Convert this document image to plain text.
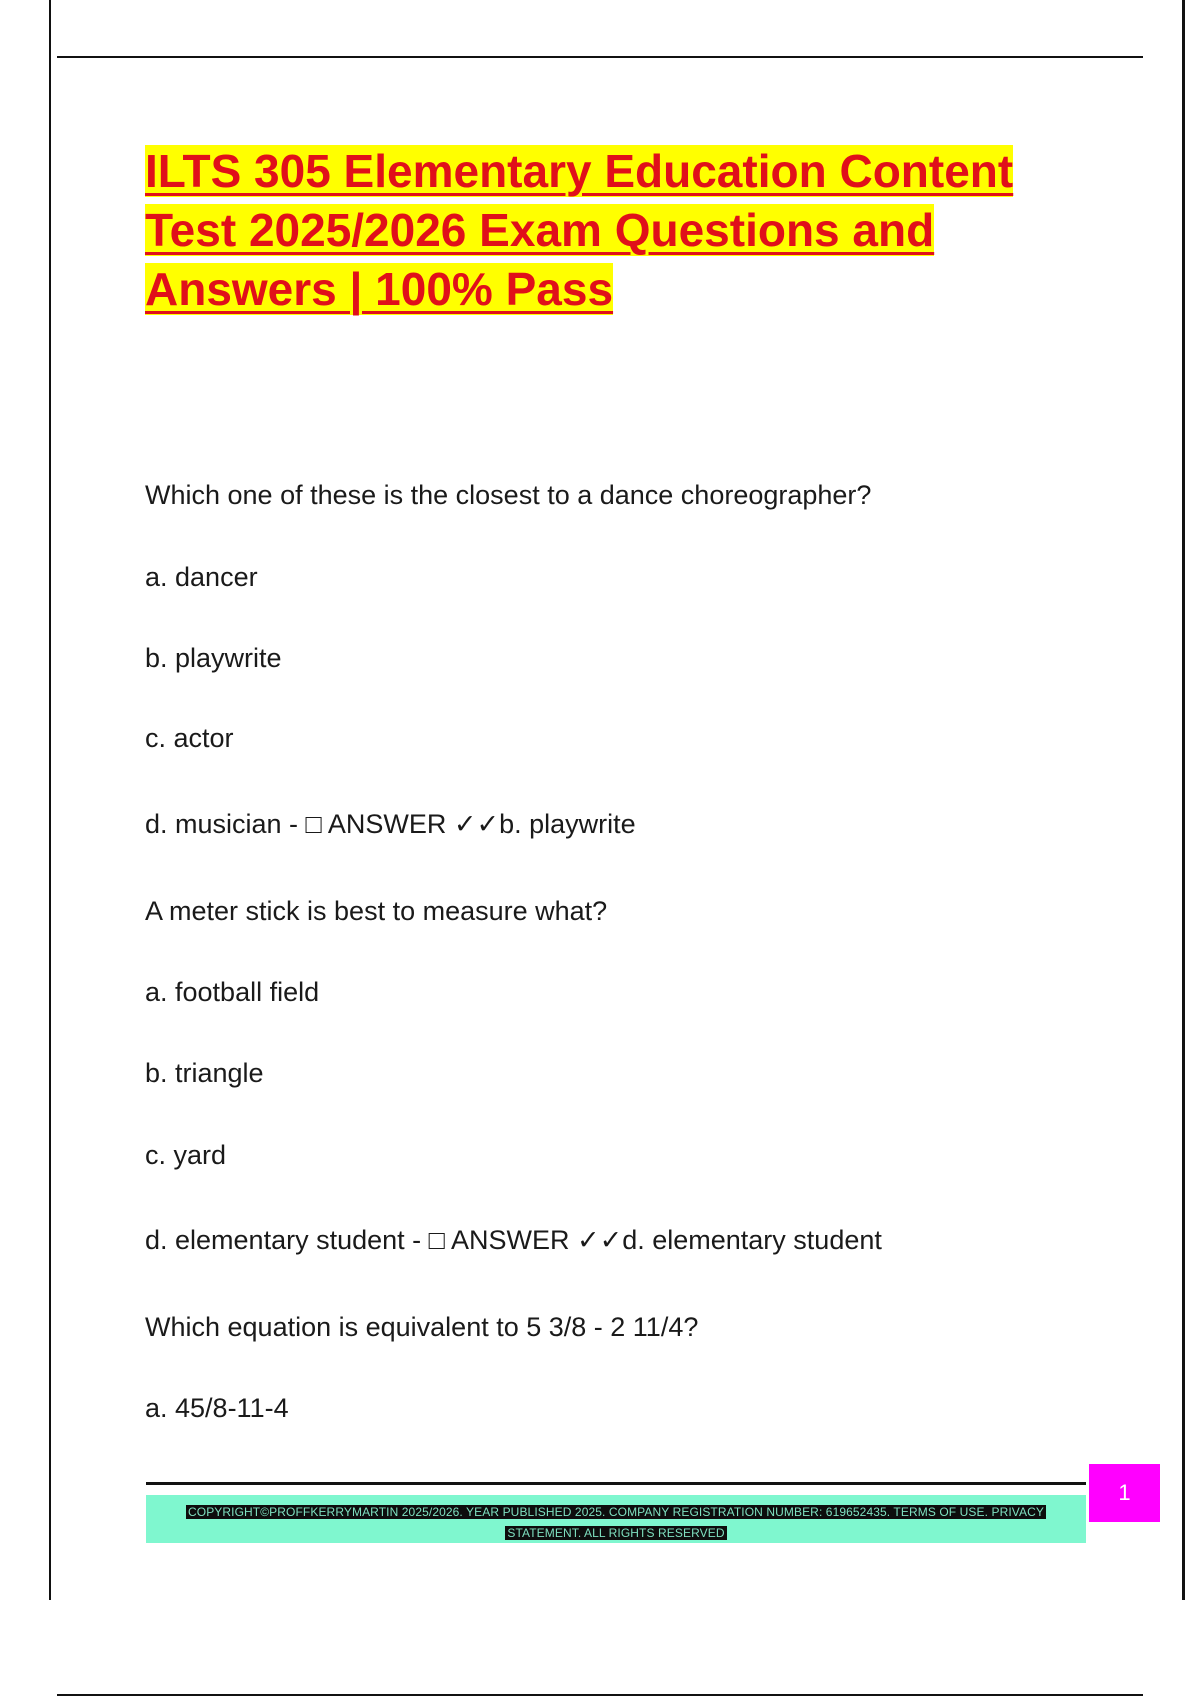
ILTS 305 Elementary Education Content Test 2025/2026 Exam Questions and Answers | 100% Pass
Which one of these is the closest to a dance choreographer?
a. dancer
b. playwrite
c. actor
d. musician - □ ANSWER ✓✓b. playwrite
A meter stick is best to measure what?
a. football field
b. triangle
c. yard
d. elementary student - □ ANSWER ✓✓d. elementary student
Which equation is equivalent to 5 3/8 - 2 11/4?
a. 45/8-11-4
COPYRIGHT©PROFFKERRYMARTIN 2025/2026. YEAR PUBLISHED 2025. COMPANY REGISTRATION NUMBER: 619652435. TERMS OF USE. PRIVACY STATEMENT. ALL RIGHTS RESERVED
1
